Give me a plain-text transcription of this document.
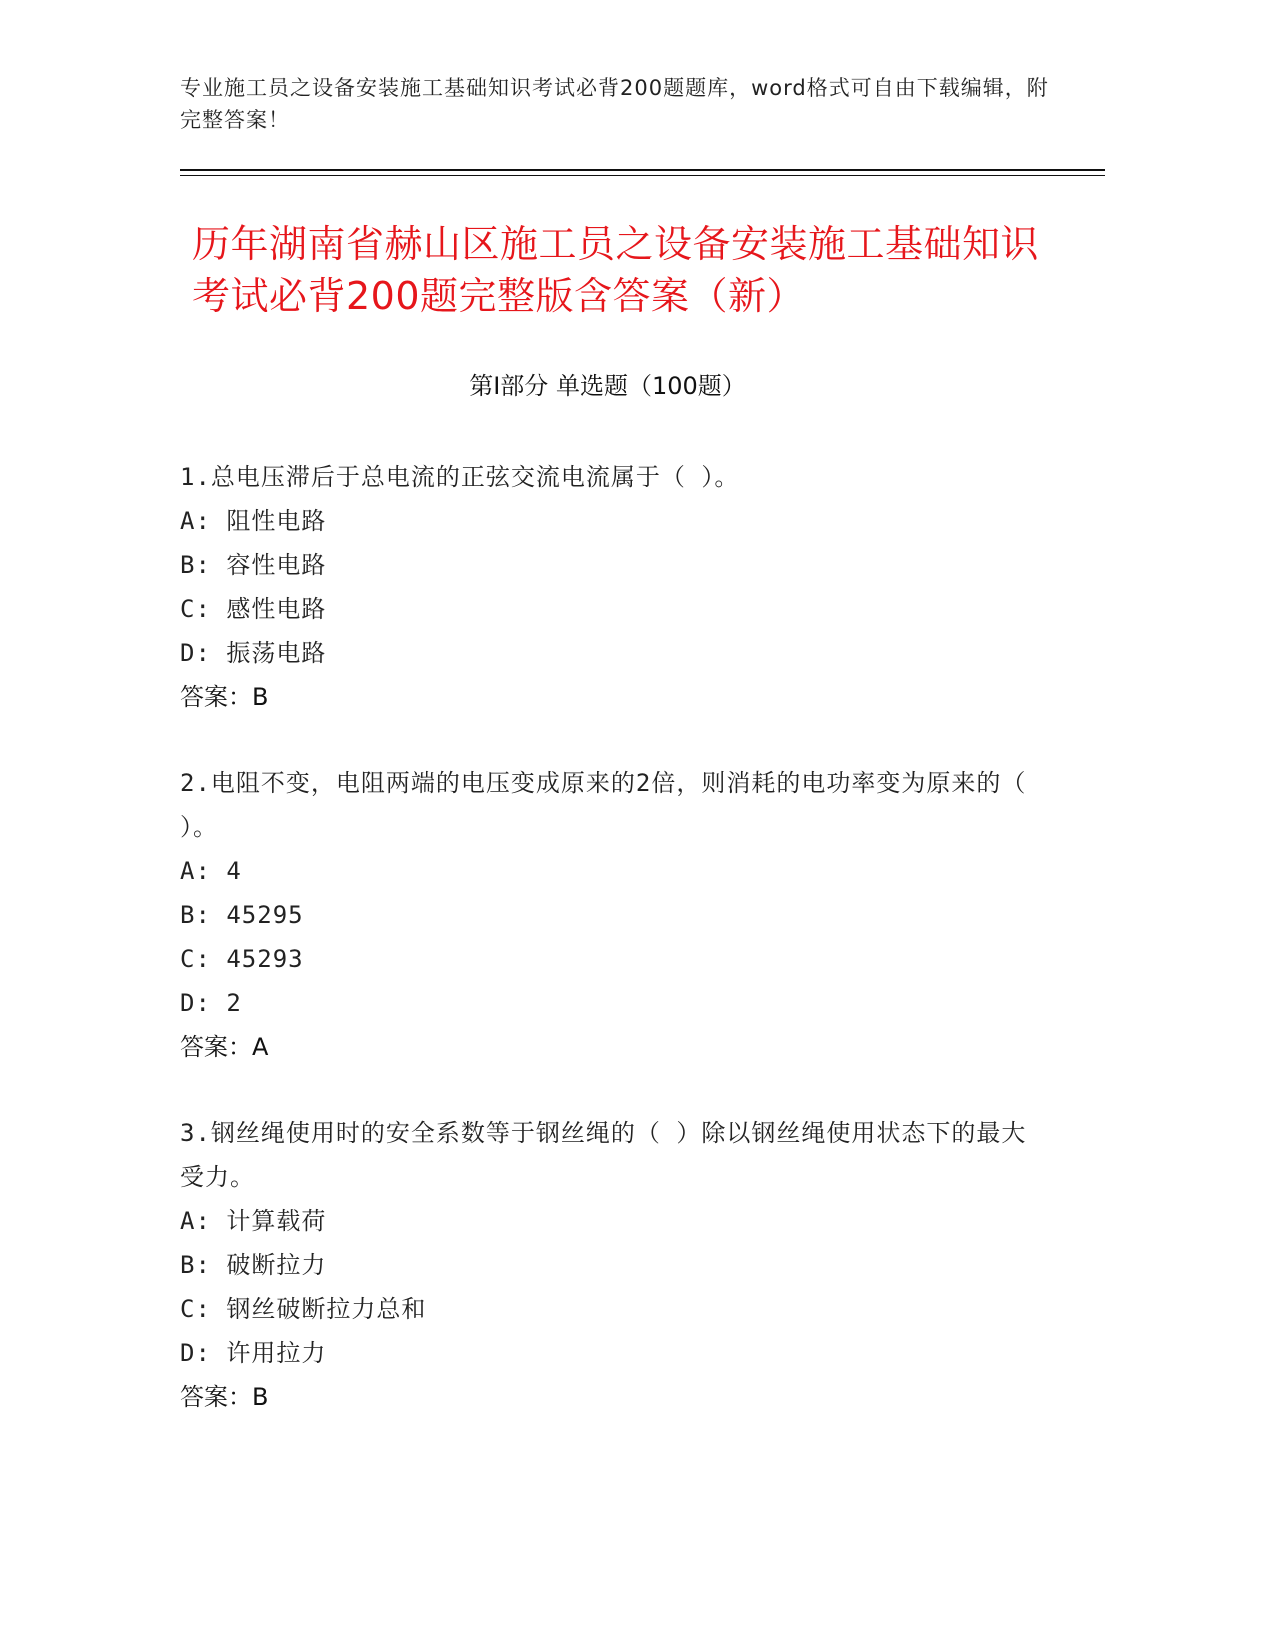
专业施工员之设备安装施工基础知识考试必背200题题库，word格式可自由下载编辑，附完整答案！
历年湖南省赫山区施工员之设备安装施工基础知识考试必背200题完整版含答案（新）
第Ⅰ部分 单选题（100题）
1.总电压滞后于总电流的正弦交流电流属于（ ）。
A: 阻性电路
B: 容性电路
C: 感性电路
D: 振荡电路
答案：B
2.电阻不变，电阻两端的电压变成原来的2倍，则消耗的电功率变为原来的（ ）。
A: 4
B: 45295
C: 45293
D: 2
答案：A
3.钢丝绳使用时的安全系数等于钢丝绳的（ ）除以钢丝绳使用状态下的最大受力。
A: 计算载荷
B: 破断拉力
C: 钢丝破断拉力总和
D: 许用拉力
答案：B
